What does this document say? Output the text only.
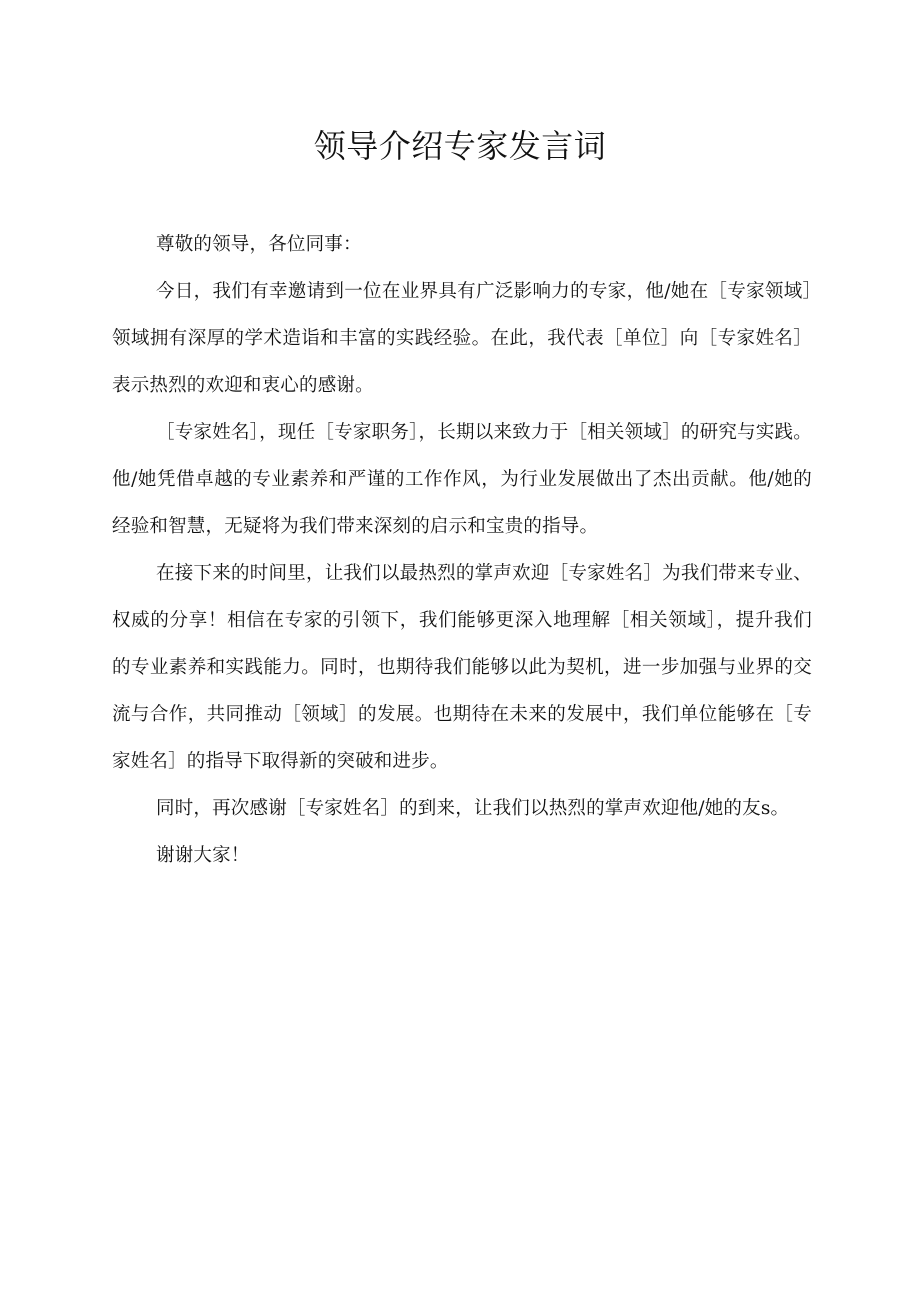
领导介绍专家发言词

尊敬的领导，各位同事：

今日，我们有幸邀请到一位在业界具有广泛影响力的专家，他/她在［专家领域］领域拥有深厚的学术造诣和丰富的实践经验。在此，我代表［单位］向［专家姓名］表示热烈的欢迎和衷心的感谢。

［专家姓名］，现任［专家职务］，长期以来致力于［相关领域］的研究与实践。他/她凭借卓越的专业素养和严谨的工作作风，为行业发展做出了杰出贡献。他/她的经验和智慧，无疑将为我们带来深刻的启示和宝贵的指导。

在接下来的时间里，让我们以最热烈的掌声欢迎［专家姓名］为我们带来专业、权威的分享！相信在专家的引领下，我们能够更深入地理解［相关领域］，提升我们的专业素养和实践能力。同时，也期待我们能够以此为契机，进一步加强与业界的交流与合作，共同推动［领域］的发展。也期待在未来的发展中，我们单位能够在［专家姓名］的指导下取得新的突破和进步。

同时，再次感谢［专家姓名］的到来，让我们以热烈的掌声欢迎他/她的友s。

谢谢大家！
